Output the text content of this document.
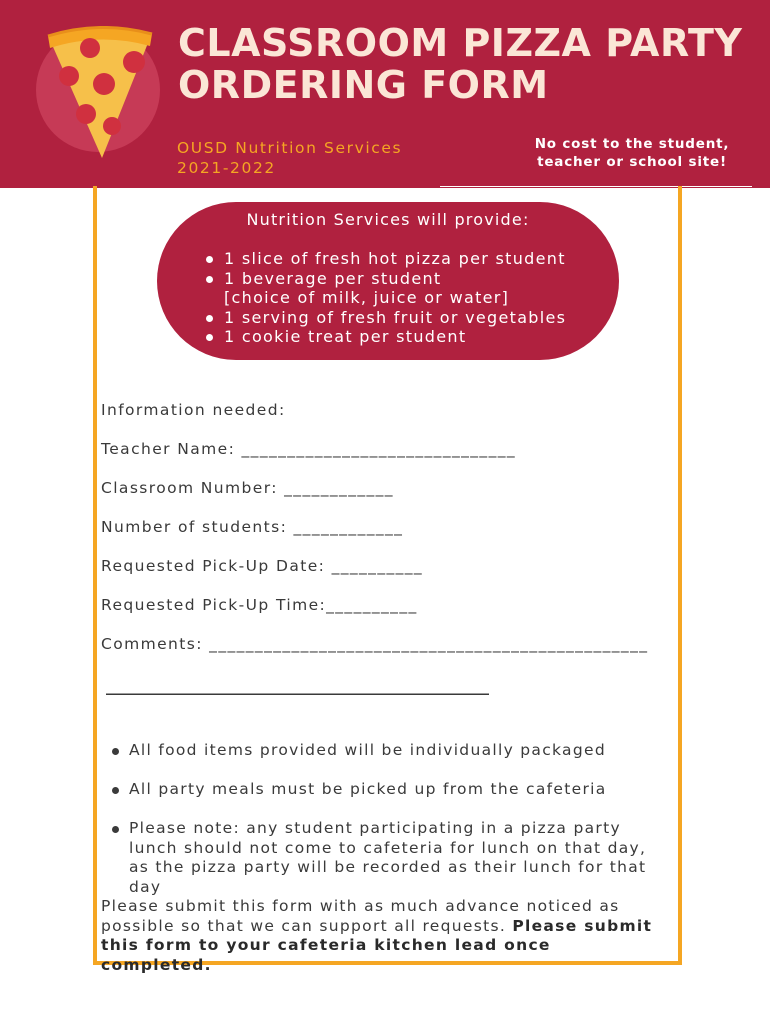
CLASSROOM PIZZA PARTY
ORDERING FORM
OUSD Nutrition Services
2021-2022
No cost to the student,
teacher or school site!
Nutrition Services will provide:
1 slice of fresh hot pizza per student
1 beverage per student
[choice of milk, juice or water]
1 serving of fresh fruit or vegetables
1 cookie treat per student
Information needed:
Teacher Name: ______________________________
Classroom Number: ____________
Number of students: ____________
Requested Pick-Up Date: __________
Requested Pick-Up Time:__________
Comments: ________________________________________________
___________________________________________________
All food items provided will be individually packaged
All party meals must be picked up from the cafeteria
Please note: any student participating in a pizza party lunch should not come to cafeteria for lunch on that day, as the pizza party will be recorded as their lunch for that day
Please submit this form with as much advance noticed as possible so that we can support all requests. Please submit this form to your cafeteria kitchen lead once completed.
